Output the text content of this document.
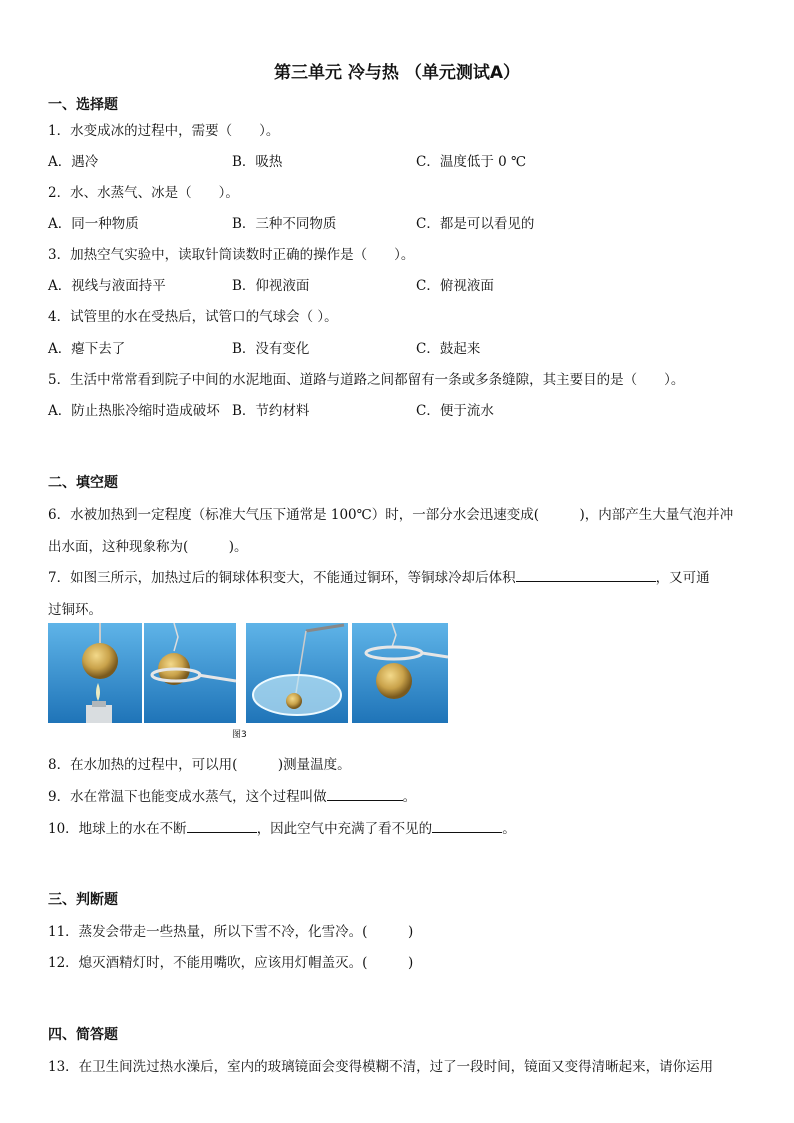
第三单元 冷与热 （单元测试A）
一、选择题
1．水变成冰的过程中，需要（　　）。
A．遇冷	B．吸热	C．温度低于 0 ℃
2．水、水蒸气、冰是（　　）。
A．同一种物质	B．三种不同物质	C．都是可以看见的
3．加热空气实验中，读取针筒读数时正确的操作是（　　）。
A．视线与液面持平	B．仰视液面	C．俯视液面
4．试管里的水在受热后，试管口的气球会（ ）。
A．瘪下去了	B．没有变化	C．鼓起来
5．生活中常常看到院子中间的水泥地面、道路与道路之间都留有一条或多条缝隙，其主要目的是（　　）。
A．防止热胀冷缩时造成破坏 B．节约材料	C．便于流水
二、填空题
6．水被加热到一定程度（标准大气压下通常是 100℃）时，一部分水会迅速变成(　　　)，内部产生大量气泡并冲
出水面，这种现象称为(　　　)。
7．如图三所示，加热过后的铜球体积变大，不能通过铜环，等铜球冷却后体积	，又可通
过铜环。
图3
8．在水加热的过程中，可以用(　　　)测量温度。
9．水在常温下也能变成水蒸气，这个过程叫做	。
10．地球上的水在不断	，因此空气中充满了看不见的	。
三、判断题
11．蒸发会带走一些热量，所以下雪不冷，化雪冷。(　　　)
12．熄灭酒精灯时，不能用嘴吹，应该用灯帽盖灭。(　　　)
四、简答题
13．在卫生间洗过热水澡后，室内的玻璃镜面会变得模糊不清，过了一段时间，镜面又变得清晰起来，请你运用
